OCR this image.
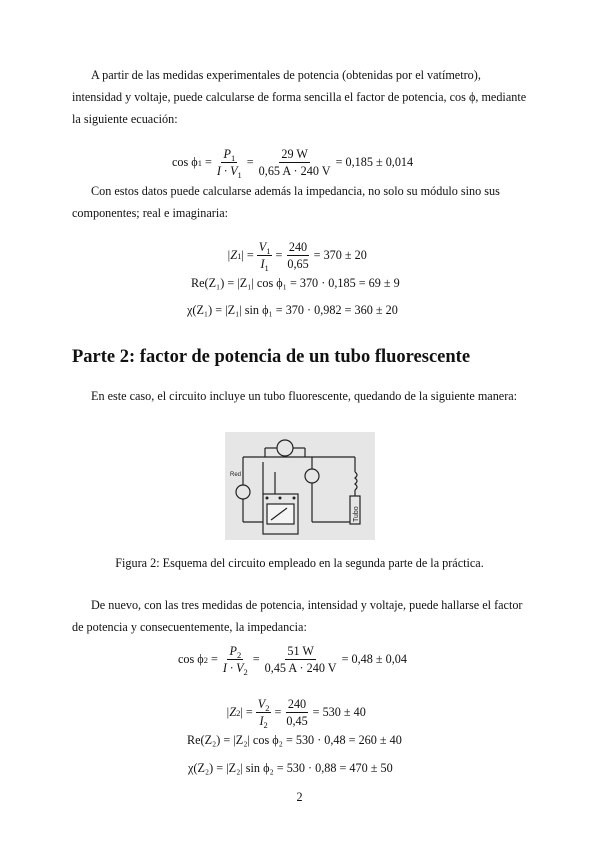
A partir de las medidas experimentales de potencia (obtenidas por el vatímetro), intensidad y voltaje, puede calcularse de forma sencilla el factor de potencia, cos ϕ, mediante la siguiente ecuación:
cos ϕ $1 = \frac{P_1}{I \cdot V_1} = \frac{29 W}{0,65 A \cdot 240 V} = 0,185 \pm 0,014$
Con estos datos puede calcularse además la impedancia, no solo su módulo sino sus componentes; real e imaginaria:
|Z 1 | = $\frac{V_1}{I_1} = \frac{240}{0,65} = 370 \pm 20$
Re(Z₁) = |Z₁| cos ϕ₁ = 370 · 0,185 = 69 ± 9
χ(Z₁) = |Z₁| sin ϕ₁ = 370 · 0,982 = 360 ± 20
Parte 2: factor de potencia de un tubo fluorescente
En este caso, el circuito incluye un tubo fluorescente, quedando de la siguiente manera:
Red
Tubo
Figura 2: Esquema del circuito empleado en la segunda parte de la práctica.
De nuevo, con las tres medidas de potencia, intensidad y voltaje, puede hallarse el factor de potencia y consecuentemente, la impedancia:
cos ϕ $2 = \frac{P_2}{I \cdot V_2} = \frac{51 W}{0,45 A \cdot 240 V} = 0,48 \pm 0,04$
|Z 2 | = $\frac{V_2}{I_2} = \frac{240}{0,45} = 530 \pm 40$
Re(Z₂) = |Z₂| cos ϕ₂ = 530 · 0,48 = 260 ± 40
χ(Z₂) = |Z₂| sin ϕ₂ = 530 · 0,88 = 470 ± 50
2
